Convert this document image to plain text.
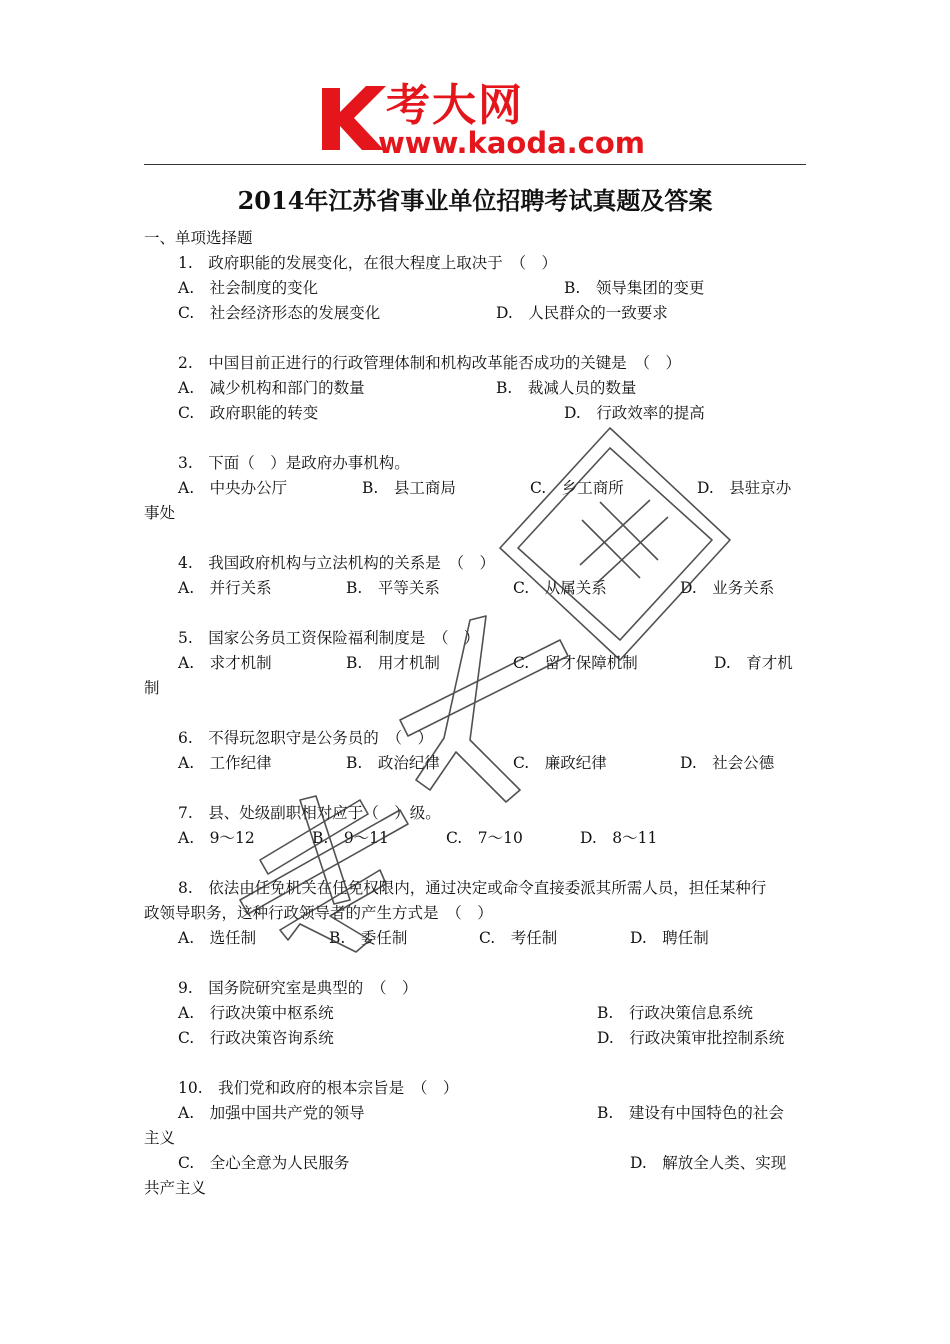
考大网
www.kaoda.com
2014年江苏省事业单位招聘考试真题及答案
一、单项选择题
1.　政府职能的发展变化，在很大程度上取决于　（　）
A.　社会制度的变化	B.　领导集团的变更
C.　社会经济形态的发展变化	D.　人民群众的一致要求
2.　中国目前正进行的行政管理体制和机构改革能否成功的关键是　（　）
A.　减少机构和部门的数量	B.　裁减人员的数量
C.　政府职能的转变	D.　行政效率的提高
3.　下面（　）是政府办事机构。
A.　中央办公厅	B.　县工商局	C.　乡工商所	D.　县驻京办
事处
4.　我国政府机构与立法机构的关系是　（　）
A.　并行关系	B.　平等关系	C.　从属关系	D.　业务关系
5.　国家公务员工资保险福利制度是　（　）
A.　求才机制	B.　用才机制	C.　留才保障机制	D.　育才机
制
6.　不得玩忽职守是公务员的　（　）
A.　工作纪律	B.　政治纪律	C.　廉政纪律	D.　社会公德
7.　县、处级副职相对应于（　）级。
A.　9～12	B.　9～11	C.　7～10	D.　8～11
8.　依法由任免机关在任免权限内，通过决定或命令直接委派其所需人员，担任某种行
政领导职务，这种行政领导者的产生方式是　（　）
A.　选任制	B.　委任制	C.　考任制	D.　聘任制
9.　国务院研究室是典型的　（　）
A.　行政决策中枢系统	B.　行政决策信息系统
C.　行政决策咨询系统	D.　行政决策审批控制系统
10.　我们党和政府的根本宗旨是　（　）
A.　加强中国共产党的领导	B.　建设有中国特色的社会
主义
C.　全心全意为人民服务	D.　解放全人类、实现
共产主义
